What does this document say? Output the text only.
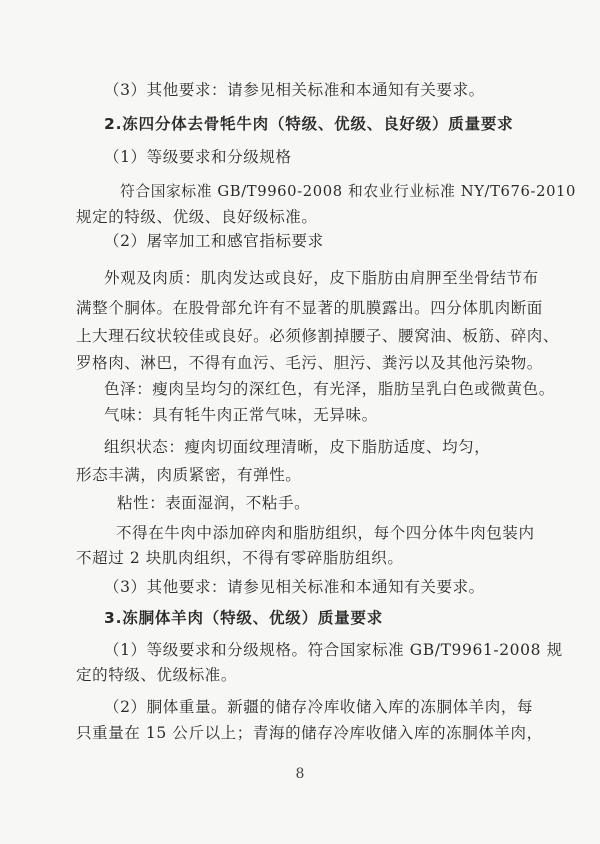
（3）其他要求：请参见相关标准和本通知有关要求。
2.冻四分体去骨牦牛肉（特级、优级、良好级）质量要求
（1）等级要求和分级规格
符合国家标准 GB/T9960-2008 和农业行业标准 NY/T676-2010
规定的特级、优级、良好级标准。
（2）屠宰加工和感官指标要求
外观及肉质：肌肉发达或良好，皮下脂肪由肩胛至坐骨结节布
满整个胴体。在股骨部允许有不显著的肌膜露出。四分体肌肉断面
上大理石纹状较佳或良好。必须修割掉腰子、腰窝油、板筋、碎肉、
罗格肉、淋巴，不得有血污、毛污、胆污、粪污以及其他污染物。
色泽：瘦肉呈均匀的深红色，有光泽，脂肪呈乳白色或微黄色。
气味：具有牦牛肉正常气味，无异味。
组织状态：瘦肉切面纹理清晰，皮下脂肪适度、均匀，
形态丰满，肉质紧密，有弹性。
粘性：表面湿润，不粘手。
不得在牛肉中添加碎肉和脂肪组织，每个四分体牛肉包装内
不超过 2 块肌肉组织，不得有零碎脂肪组织。
（3）其他要求：请参见相关标准和本通知有关要求。
3.冻胴体羊肉（特级、优级）质量要求
（1）等级要求和分级规格。符合国家标准 GB/T9961-2008 规
定的特级、优级标准。
（2）胴体重量。新疆的储存冷库收储入库的冻胴体羊肉，每
只重量在 15 公斤以上；青海的储存冷库收储入库的冻胴体羊肉，
8
